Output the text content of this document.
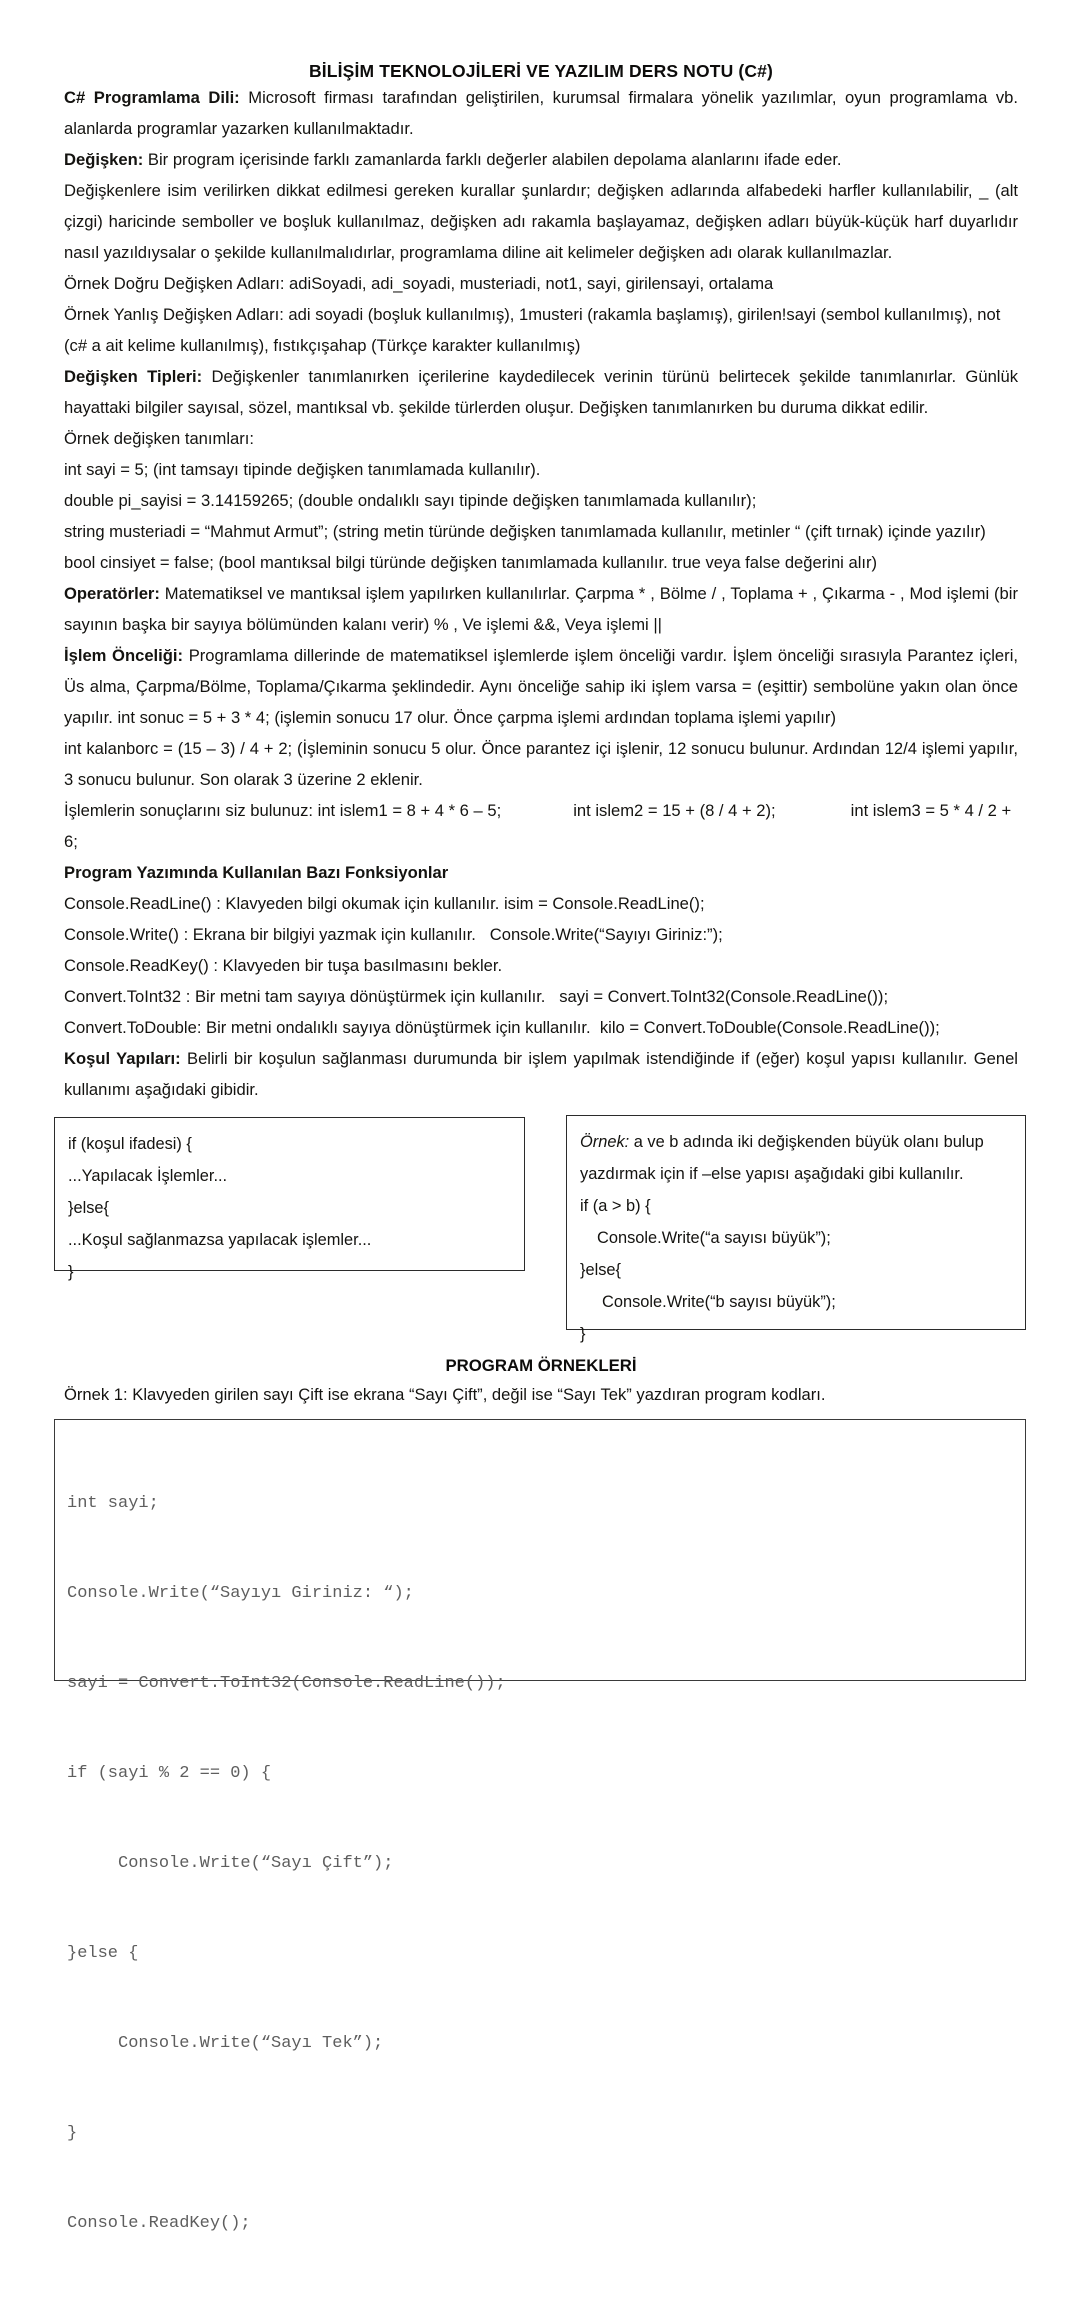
BİLİŞİM TEKNOLOJİLERİ VE YAZILIM DERS NOTU (C#)

C# Programlama Dili: Microsoft firması tarafından geliştirilen, kurumsal firmalara yönelik yazılımlar, oyun programlama vb. alanlarda programlar yazarken kullanılmaktadır.

Değişken: Bir program içerisinde farklı zamanlarda farklı değerler alabilen depolama alanlarını ifade eder.

Değişkenlere isim verilirken dikkat edilmesi gereken kurallar şunlardır; değişken adlarında alfabedeki harfler kullanılabilir, _ (alt çizgi) haricinde semboller ve boşluk kullanılmaz, değişken adı rakamla başlayamaz, değişken adları büyük-küçük harf duyarlıdır nasıl yazıldıysalar o şekilde kullanılmalıdırlar, programlama diline ait kelimeler değişken adı olarak kullanılmazlar.

Örnek Doğru Değişken Adları: adiSoyadi, adi_soyadi, musteriadi, not1, sayi, girilensayi, ortalama

Örnek Yanlış Değişken Adları: adi soyadi (boşluk kullanılmış), 1musteri (rakamla başlamış), girilen!sayi (sembol kullanılmış), not (c# a ait kelime kullanılmış), fıstıkçışahap (Türkçe karakter kullanılmış)

Değişken Tipleri: Değişkenler tanımlanırken içerilerine kaydedilecek verinin türünü belirtecek şekilde tanımlanırlar. Günlük hayattaki bilgiler sayısal, sözel, mantıksal vb. şekilde türlerden oluşur. Değişken tanımlanırken bu duruma dikkat edilir.

Örnek değişken tanımları:
int sayi = 5; (int tamsayı tipinde değişken tanımlamada kullanılır).
double pi_sayisi = 3.14159265; (double ondalıklı sayı tipinde değişken tanımlamada kullanılır);
string musteriadi = “Mahmut Armut”; (string metin türünde değişken tanımlamada kullanılır, metinler “ (çift tırnak) içinde yazılır)
bool cinsiyet = false; (bool mantıksal bilgi türünde değişken tanımlamada kullanılır. true veya false değerini alır)

Operatörler: Matematiksel ve mantıksal işlem yapılırken kullanılırlar. Çarpma * , Bölme / , Toplama + , Çıkarma - , Mod işlemi (bir sayının başka bir sayıya bölümünden kalanı verir) % , Ve işlemi &&, Veya işlemi ||

İşlem Önceliği: Programlama dillerinde de matematiksel işlemlerde işlem önceliği vardır. İşlem önceliği sırasıyla Parantez içleri, Üs alma, Çarpma/Bölme, Toplama/Çıkarma şeklindedir. Aynı önceliğe sahip iki işlem varsa = (eşittir) sembolüne yakın olan önce yapılır. int sonuc = 5 + 3 * 4; (işlemin sonucu 17 olur. Önce çarpma işlemi ardından toplama işlemi yapılır)

int kalanborc = (15 – 3) / 4 + 2; (İşleminin sonucu 5 olur. Önce parantez içi işlenir, 12 sonucu bulunur. Ardından 12/4 işlemi yapılır, 3 sonucu bulunur. Son olarak 3 üzerine 2 eklenir.

İşlemlerin sonuçlarını siz bulunuz: int islem1 = 8 + 4 * 6 – 5;	int islem2 = 15 + (8 / 4 + 2);	int islem3 = 5 * 4 / 2 + 6;
Program Yazımında Kullanılan Bazı Fonksiyonlar
Console.ReadLine() : Klavyeden bilgi okumak için kullanılır. isim = Console.ReadLine();
Console.Write() : Ekrana bir bilgiyi yazmak için kullanılır.   Console.Write(“Sayıyı Giriniz:”);
Console.ReadKey() : Klavyeden bir tuşa basılmasını bekler.
Convert.ToInt32 : Bir metni tam sayıya dönüştürmek için kullanılır.   sayi = Convert.ToInt32(Console.ReadLine());
Convert.ToDouble: Bir metni ondalıklı sayıya dönüştürmek için kullanılır.  kilo = Convert.ToDouble(Console.ReadLine());

Koşul Yapıları: Belirli bir koşulun sağlanması durumunda bir işlem yapılmak istendiğinde if (eğer) koşul yapısı kullanılır. Genel kullanımı aşağıdaki gibidir.

if (koşul ifadesi) {
...Yapılacak İşlemler...
}else{
...Koşul sağlanmazsa yapılacak işlemler...
}
Örnek: a ve b adında iki değişkenden büyük olanı bulup yazdırmak için if –else yapısı aşağıdaki gibi kullanılır.
if (a > b) {
Console.Write(“a sayısı büyük”);
}else{
Console.Write(“b sayısı büyük”);
}
PROGRAM ÖRNEKLERİ

Örnek 1: Klavyeden girilen sayı Çift ise ekrana “Sayı Çift”, değil ise “Sayı Tek” yazdıran program kodları.

int sayi;

Console.Write(“Sayıyı Giriniz: “);

sayi = Convert.ToInt32(Console.ReadLine());

if (sayi % 2 == 0) {

Console.Write(“Sayı Çift”);

}else {

Console.Write(“Sayı Tek”);

}

Console.ReadKey();
